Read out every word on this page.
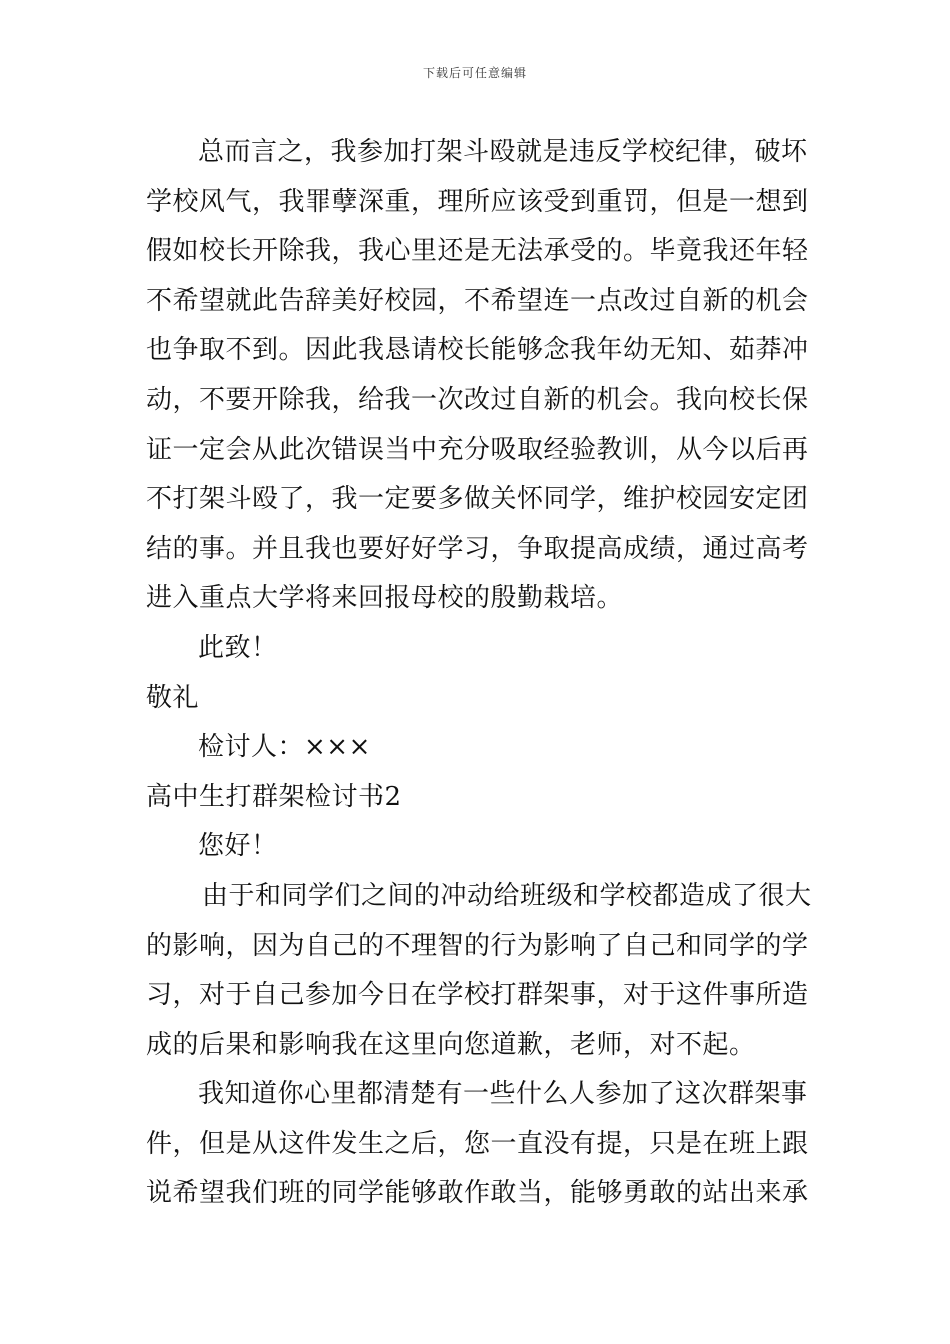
下载后可任意编辑
总而言之，我参加打架斗殴就是违反学校纪律，破坏
学校风气，我罪孽深重，理所应该受到重罚，但是一想到
假如校长开除我，我心里还是无法承受的。毕竟我还年轻
不希望就此告辞美好校园，不希望连一点改过自新的机会
也争取不到。因此我恳请校长能够念我年幼无知、茹莽冲
动，不要开除我，给我一次改过自新的机会。我向校长保
证一定会从此次错误当中充分吸取经验教训，从今以后再
不打架斗殴了，我一定要多做关怀同学，维护校园安定团
结的事。并且我也要好好学习，争取提高成绩，通过高考
进入重点大学将来回报母校的殷勤栽培。
此致！
敬礼
检讨人：×××
高中生打群架检讨书2
您好！
由于和同学们之间的冲动给班级和学校都造成了很大
的影响，因为自己的不理智的行为影响了自己和同学的学
习，对于自己参加今日在学校打群架事，对于这件事所造
成的后果和影响我在这里向您道歉，老师，对不起。
我知道你心里都清楚有一些什么人参加了这次群架事
件，但是从这件发生之后，您一直没有提，只是在班上跟
说希望我们班的同学能够敢作敢当，能够勇敢的站出来承
